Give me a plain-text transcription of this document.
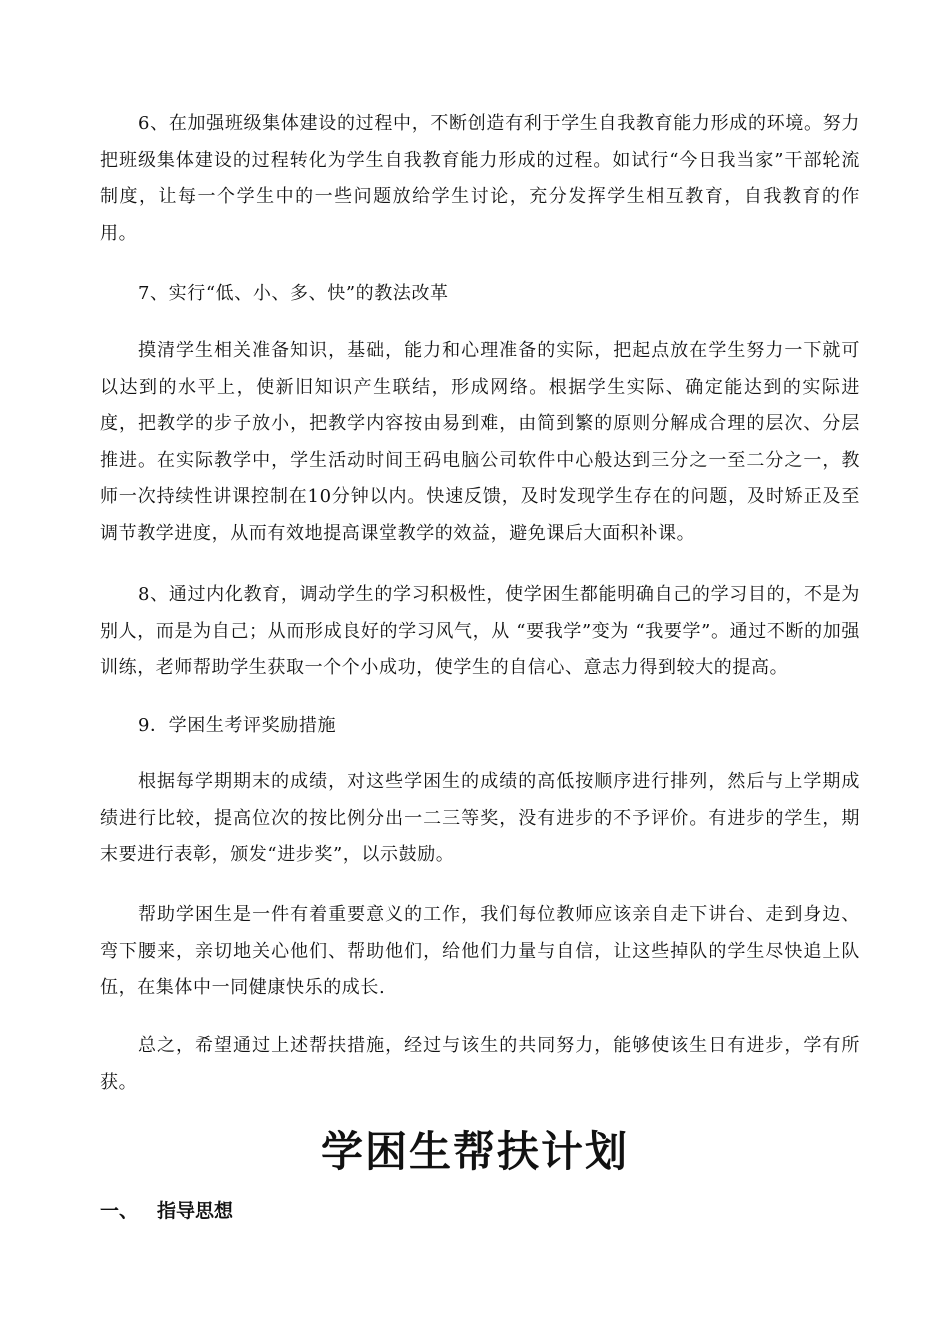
6、在加强班级集体建设的过程中，不断创造有利于学生自我教育能力形成的环境。努力把班级集体建设的过程转化为学生自我教育能力形成的过程。如试行“今日我当家”干部轮流制度，让每一个学生中的一些问题放给学生讨论，充分发挥学生相互教育，自我教育的作用。

7、实行“低、小、多、快”的教法改革

摸清学生相关准备知识，基础，能力和心理准备的实际，把起点放在学生努力一下就可以达到的水平上，使新旧知识产生联结，形成网络。根据学生实际、确定能达到的实际进度，把教学的步子放小，把教学内容按由易到难，由简到繁的原则分解成合理的层次、分层推进。在实际教学中，学生活动时间王码电脑公司软件中心般达到三分之一至二分之一，教师一次持续性讲课控制在10分钟以内。快速反馈，及时发现学生存在的问题，及时矫正及至调节教学进度，从而有效地提高课堂教学的效益，避免课后大面积补课。

8、通过内化教育，调动学生的学习积极性，使学困生都能明确自己的学习目的，不是为别人，而是为自己；从而形成良好的学习风气，从 “要我学”变为 “我要学”。通过不断的加强训练，老师帮助学生获取一个个小成功，使学生的自信心、意志力得到较大的提高。

9．学困生考评奖励措施

根据每学期期末的成绩，对这些学困生的成绩的高低按顺序进行排列，然后与上学期成绩进行比较，提高位次的按比例分出一二三等奖，没有进步的不予评价。有进步的学生，期末要进行表彰，颁发“进步奖”，以示鼓励。

帮助学困生是一件有着重要意义的工作，我们每位教师应该亲自走下讲台、走到身边、弯下腰来，亲切地关心他们、帮助他们，给他们力量与自信，让这些掉队的学生尽快追上队伍，在集体中一同健康快乐的成长.

总之，希望通过上述帮扶措施，经过与该生的共同努力，能够使该生日有进步，学有所获。

学困生帮扶计划
一、 指导思想
